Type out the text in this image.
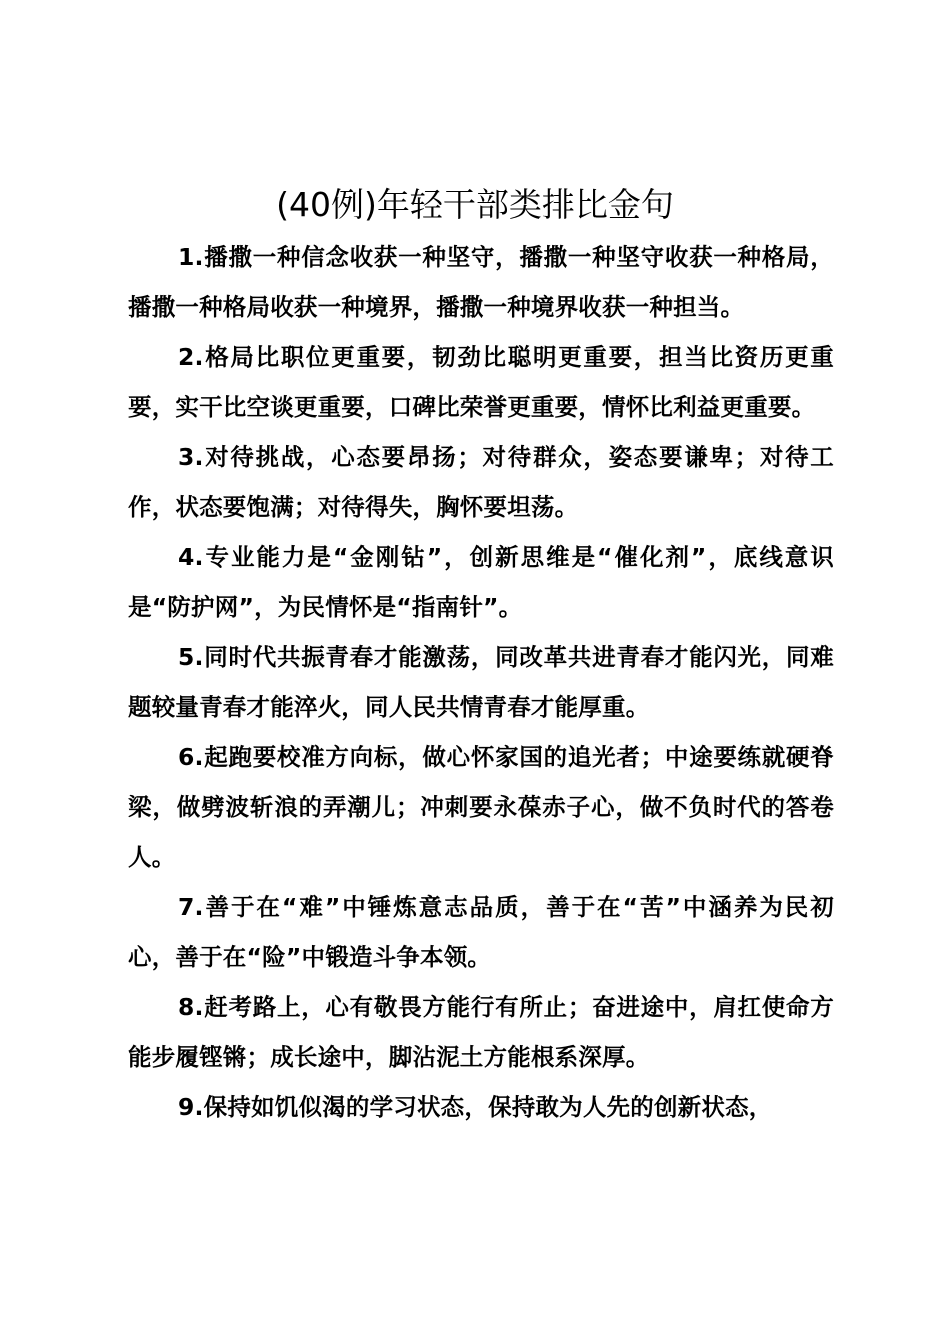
(40例)年轻干部类排比金句

1.播撒一种信念收获一种坚守，播撒一种坚守收获一种格局，播撒一种格局收获一种境界，播撒一种境界收获一种担当。

2.格局比职位更重要，韧劲比聪明更重要，担当比资历更重要，实干比空谈更重要，口碑比荣誉更重要，情怀比利益更重要。

3.对待挑战，心态要昂扬；对待群众，姿态要谦卑；对待工作，状态要饱满；对待得失，胸怀要坦荡。

4.专业能力是“金刚钻”，创新思维是“催化剂”，底线意识是“防护网”，为民情怀是“指南针”。

5.同时代共振青春才能激荡，同改革共进青春才能闪光，同难题较量青春才能淬火，同人民共情青春才能厚重。

6.起跑要校准方向标，做心怀家国的追光者；中途要练就硬脊梁，做劈波斩浪的弄潮儿；冲刺要永葆赤子心，做不负时代的答卷人。

7.善于在“难”中锤炼意志品质，善于在“苦”中涵养为民初心，善于在“险”中锻造斗争本领。

8.赶考路上，心有敬畏方能行有所止；奋进途中，肩扛使命方能步履铿锵；成长途中，脚沾泥土方能根系深厚。

9.保持如饥似渴的学习状态，保持敢为人先的创新状态，
